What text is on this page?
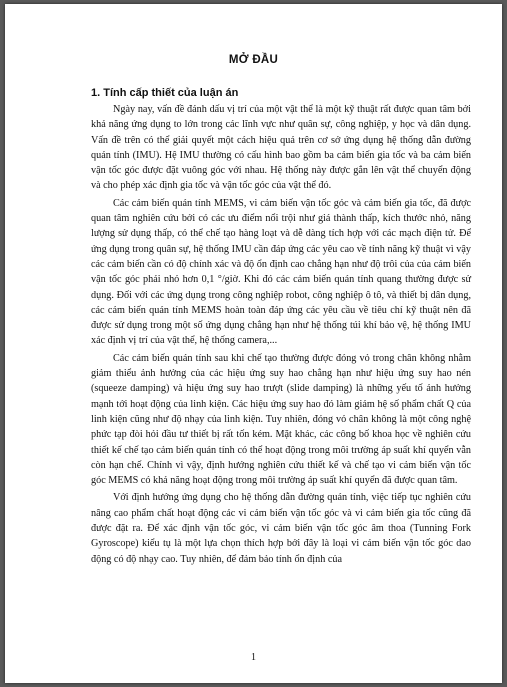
MỞ ĐẦU
1. Tính cấp thiết của luận án

Ngày nay, vấn đề đánh dấu vị trí của một vật thể là một kỹ thuật rất được quan tâm bởi khả năng ứng dụng to lớn trong các lĩnh vực như quân sự, công nghiệp, y học và dân dụng. Vấn đề trên có thể giải quyết một cách hiệu quả trên cơ sở ứng dụng hệ thống dẫn đường quán tính (IMU). Hệ IMU thường có cấu hình bao gồm ba cảm biến gia tốc và ba cảm biến vận tốc góc được đặt vuông góc với nhau. Hệ thống này được gắn lên vật thể chuyển động và cho phép xác định gia tốc và vận tốc góc của vật thể đó.

Các cảm biến quán tính MEMS, vi cảm biến vận tốc góc và cảm biến gia tốc, đã được quan tâm nghiên cứu bởi có các ưu điểm nổi trội như giá thành thấp, kích thước nhỏ, năng lượng sử dụng thấp, có thể chế tạo hàng loạt và dễ dàng tích hợp với các mạch điện tử. Để ứng dụng trong quân sự, hệ thống IMU cần đáp ứng các yêu cao về tính năng kỹ thuật vì vậy các cảm biến cần có độ chính xác và độ ổn định cao chẳng hạn như độ trôi của của cảm biến vận tốc góc phải nhỏ hơn 0,1 °/giờ. Khi đó các cảm biến quán tính quang thường được sử dụng. Đối với các ứng dụng trong công nghiệp robot, công nghiệp ô tô, và thiết bị dân dụng, các cảm biến quán tính MEMS hoàn toàn đáp ứng các yêu cầu về tiêu chí kỹ thuật nên đã được sử dụng trong một số ứng dụng chẳng hạn như hệ thống túi khí bảo vệ, hệ thống IMU xác định vị trí của vật thể, hệ thống camera,...

Các cảm biến quán tính sau khi chế tạo thường được đóng vỏ trong chân không nhằm giảm thiểu ảnh hưởng của các hiệu ứng suy hao chẳng hạn như hiệu ứng suy hao nén (squeeze damping) và hiệu ứng suy hao trượt (slide damping) là những yếu tố ảnh hưởng mạnh tới hoạt động của linh kiện. Các hiệu ứng suy hao đó làm giảm hệ số phẩm chất Q của linh kiện cũng như độ nhạy của linh kiện. Tuy nhiên, đóng vỏ chân không là một công nghệ phức tạp đòi hỏi đầu tư thiết bị rất tốn kém. Mặt khác, các công bố khoa học về nghiên cứu thiết kế chế tạo cảm biến quán tính có thể hoạt động trong môi trường áp suất khí quyển vẫn còn hạn chế. Chính vì vậy, định hướng nghiên cứu thiết kế và chế tạo vi cảm biến vận tốc góc MEMS có khả năng hoạt động trong môi trường áp suất khí quyển đã được quan tâm.

Với định hướng ứng dụng cho hệ thống dẫn đường quán tính, việc tiếp tục nghiên cứu nâng cao phẩm chất hoạt động các vi cảm biến vận tốc góc và vi cảm biến gia tốc cũng đã được đặt ra. Để xác định vận tốc góc, vi cảm biến vận tốc góc âm thoa (Tunning Fork Gyroscope) kiểu tụ là một lựa chọn thích hợp bởi đây là loại vi cảm biến vận tốc góc dao động có độ nhạy cao. Tuy nhiên, để đảm bảo tính ổn định của

1
